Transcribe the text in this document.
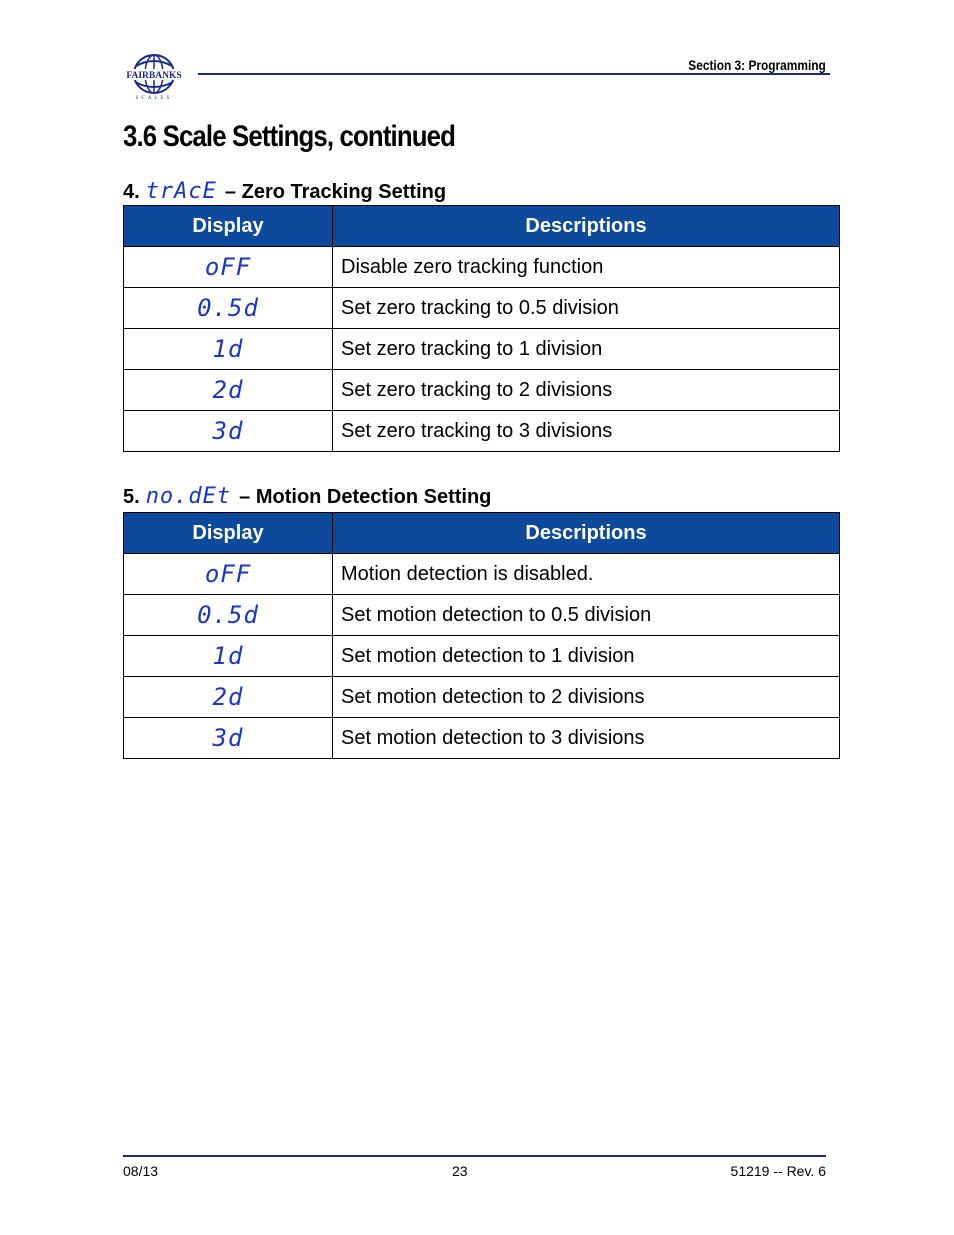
FAIRBANKS
SCALES
Section 3: Programming
3.6 Scale Settings, continued
4. trAcE – Zero Tracking Setting
Display	Descriptions
oFF	Disable zero tracking function
0.5d	Set zero tracking to 0.5 division
1d	Set zero tracking to 1 division
2d	Set zero tracking to 2 divisions
3d	Set zero tracking to 3 divisions
5. no.dEt – Motion Detection Setting
Display	Descriptions
oFF	Motion detection is disabled.
0.5d	Set motion detection to 0.5 division
1d	Set motion detection to 1 division
2d	Set motion detection to 2 divisions
3d	Set motion detection to 3 divisions
08/13	23	51219 -- Rev. 6
